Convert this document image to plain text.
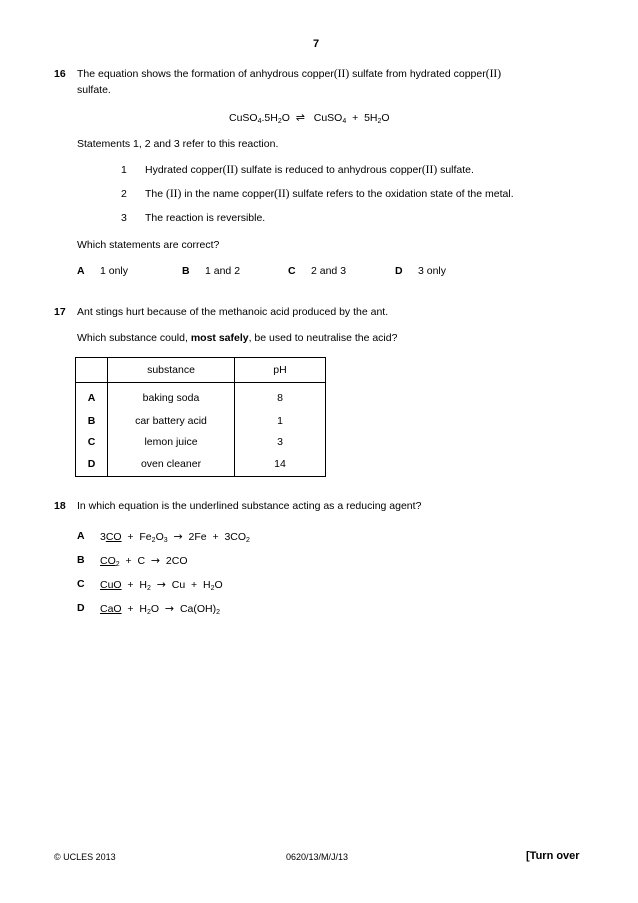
7
16 The equation shows the formation of anhydrous copper(II) sulfate from hydrated copper(II)
sulfate.
$CuSO_4.5H_2O$ ⇌ CuSO$_4$ + $5H_2O$
Statements 1, 2 and 3 refer to this reaction.
1 Hydrated copper(II) sulfate is reduced to anhydrous copper(II) sulfate.
2 The (II) in the name copper(II) sulfate refers to the oxidation state of the metal.
3 The reaction is reversible.
Which statements are correct?
A 1 only	B 1 and 2	C 2 and 3	D 3 only
17 Ant stings hurt because of the methanoic acid produced by the ant.
Which substance could, most safely, be used to neutralise the acid?
	substance	pH
A	baking soda	8
B	car battery acid	1
C	lemon juice	3
D	oven cleaner	14
18 In which equation is the underlined substance acting as a reducing agent?
A $3CO + Fe_2O_3 \to 2Fe + 3CO_2$
B $CO_2 + C \to 2CO$
C CuO  +  $H_2 \to Cu + H_2O$
D CaO  +  $H_2O \to Ca(OH)_2$
© UCLES 2013	0620/13/M/J/13	[Turn over
